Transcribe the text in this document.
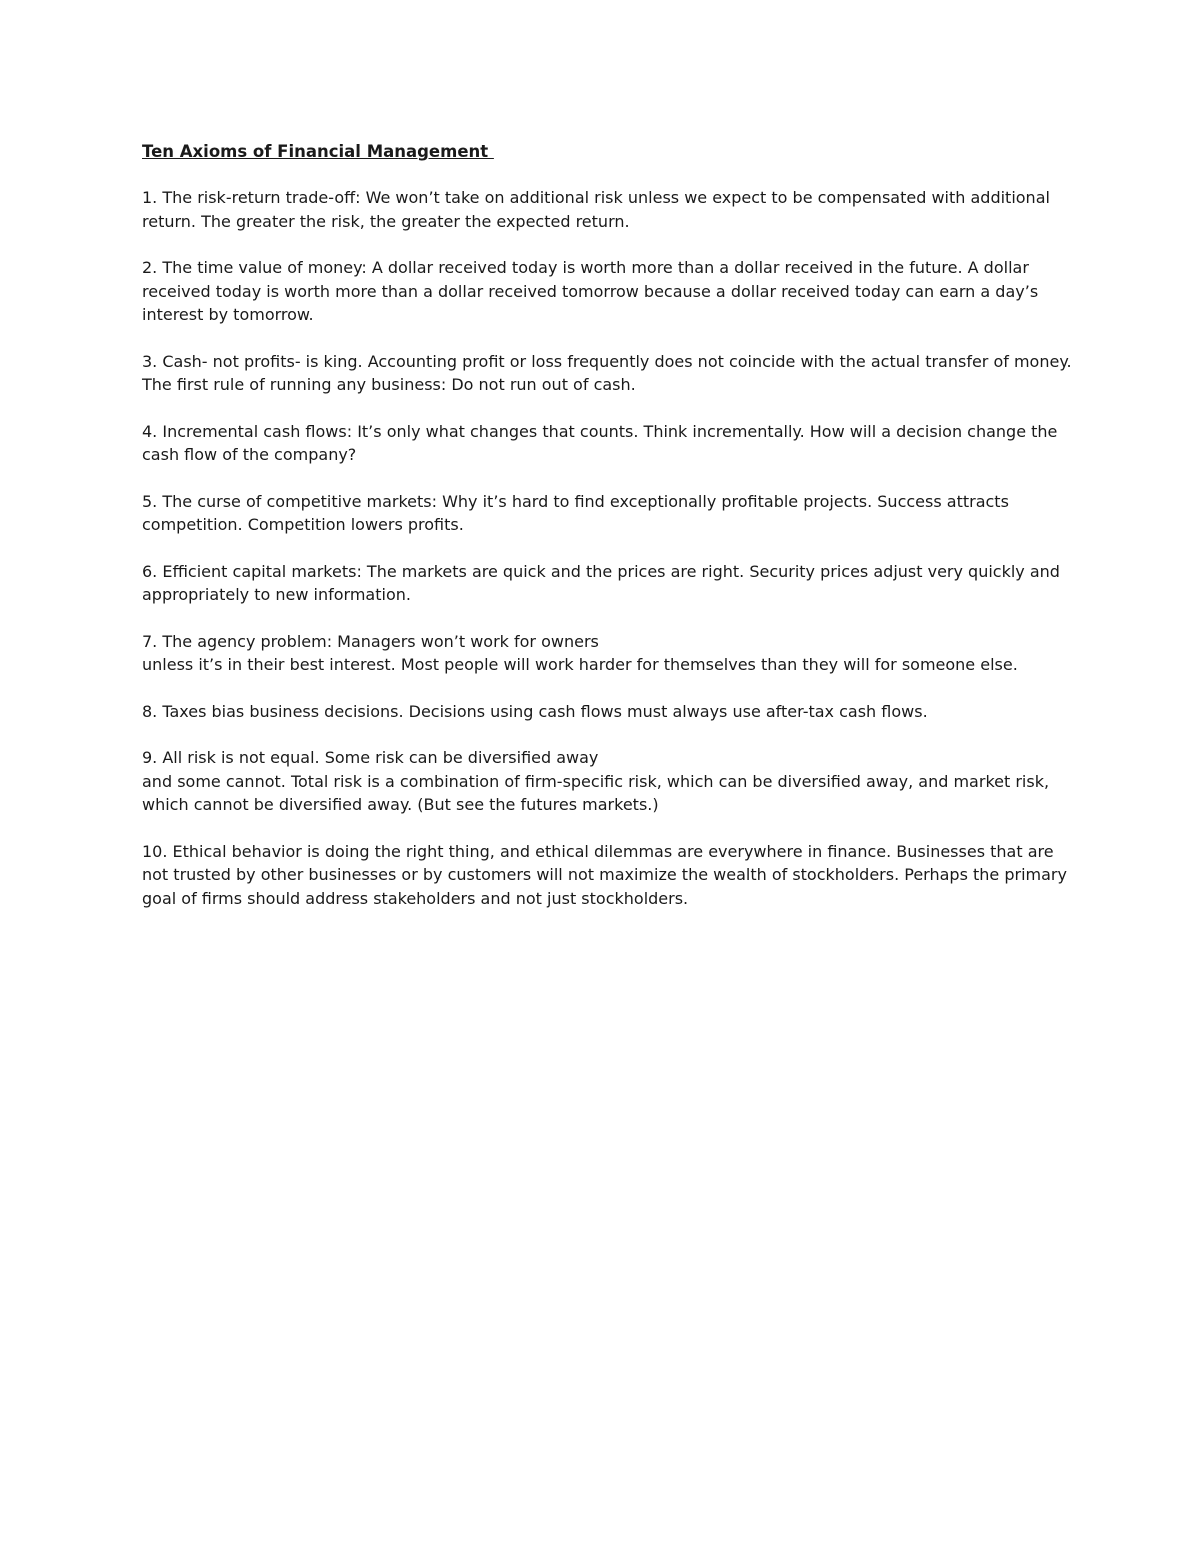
Ten Axioms of Financial Management
1. The risk-return trade-off: We won’t take on additional risk unless we expect to be compensated with additional return. The greater the risk, the greater the expected return.
2. The time value of money: A dollar received today is worth more than a dollar received in the future. A dollar received today is worth more than a dollar received tomorrow because a dollar received today can earn a day’s interest by tomorrow.
3. Cash- not profits- is king. Accounting profit or loss frequently does not coincide with the actual transfer of money. The first rule of running any business: Do not run out of cash.
4. Incremental cash flows: It’s only what changes that counts. Think incrementally. How will a decision change the cash flow of the company?
5. The curse of competitive markets: Why it’s hard to find exceptionally profitable projects. Success attracts competition. Competition lowers profits.
6. Efficient capital markets: The markets are quick and the prices are right. Security prices adjust very quickly and appropriately to new information.
7. The agency problem: Managers won’t work for owners
unless it’s in their best interest. Most people will work harder for themselves than they will for someone else.
8. Taxes bias business decisions. Decisions using cash flows must always use after-tax cash flows.
9. All risk is not equal. Some risk can be diversified away
and some cannot. Total risk is a combination of firm-specific risk, which can be diversified away, and market risk, which cannot be diversified away. (But see the futures markets.)
10. Ethical behavior is doing the right thing, and ethical dilemmas are everywhere in finance. Businesses that are not trusted by other businesses or by customers will not maximize the wealth of stockholders. Perhaps the primary goal of firms should address stakeholders and not just stockholders.
